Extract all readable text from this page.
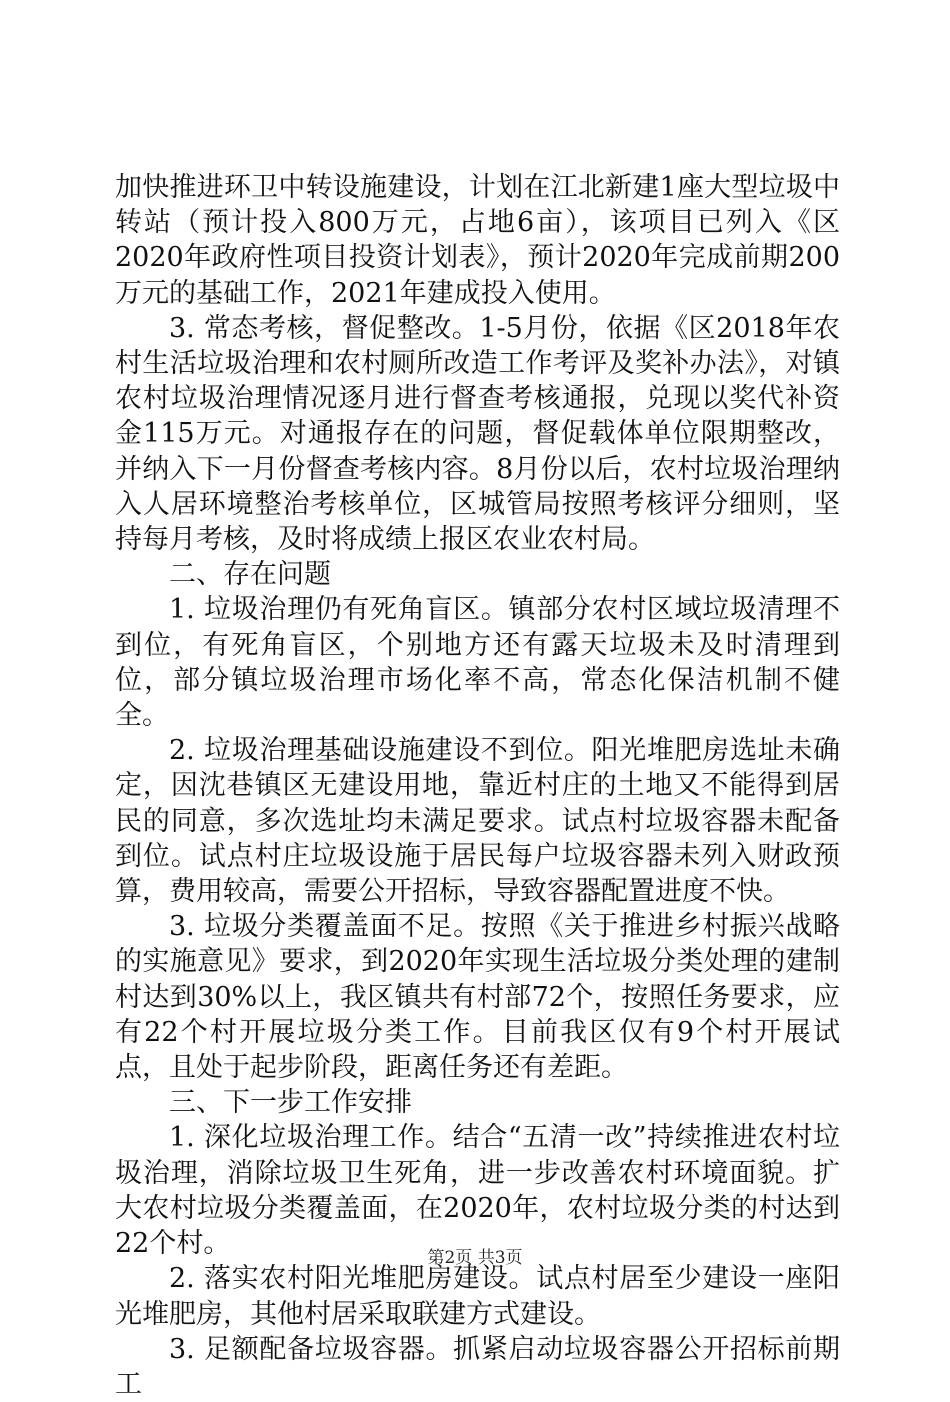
加快推进环卫中转设施建设，计划在江北新建1座大型垃圾中转站（预计投入800万元，占地6亩），该项目已列入《区2020年政府性项目投资计划表》，预计2020年完成前期200万元的基础工作，2021年建成投入使用。

3. 常态考核，督促整改。1-5月份，依据《区2018年农村生活垃圾治理和农村厕所改造工作考评及奖补办法》，对镇农村垃圾治理情况逐月进行督查考核通报，兑现以奖代补资金115万元。对通报存在的问题，督促载体单位限期整改，并纳入下一月份督查考核内容。8月份以后，农村垃圾治理纳入人居环境整治考核单位，区城管局按照考核评分细则，坚持每月考核，及时将成绩上报区农业农村局。

二、存在问题

1. 垃圾治理仍有死角盲区。镇部分农村区域垃圾清理不到位，有死角盲区，个别地方还有露天垃圾未及时清理到位，部分镇垃圾治理市场化率不高，常态化保洁机制不健全。

2. 垃圾治理基础设施建设不到位。阳光堆肥房选址未确定，因沈巷镇区无建设用地，靠近村庄的土地又不能得到居民的同意，多次选址均未满足要求。试点村垃圾容器未配备到位。试点村庄垃圾设施于居民每户垃圾容器未列入财政预算，费用较高，需要公开招标，导致容器配置进度不快。

3. 垃圾分类覆盖面不足。按照《关于推进乡村振兴战略的实施意见》要求，到2020年实现生活垃圾分类处理的建制村达到30%以上，我区镇共有村部72个，按照任务要求，应有22个村开展垃圾分类工作。目前我区仅有9个村开展试点，且处于起步阶段，距离任务还有差距。

三、下一步工作安排

1. 深化垃圾治理工作。结合“五清一改”持续推进农村垃圾治理，消除垃圾卫生死角，进一步改善农村环境面貌。扩大农村垃圾分类覆盖面，在2020年，农村垃圾分类的村达到22个村。

2. 落实农村阳光堆肥房建设。试点村居至少建设一座阳光堆肥房，其他村居采取联建方式建设。

3. 足额配备垃圾容器。抓紧启动垃圾容器公开招标前期工

第2页 共3页
